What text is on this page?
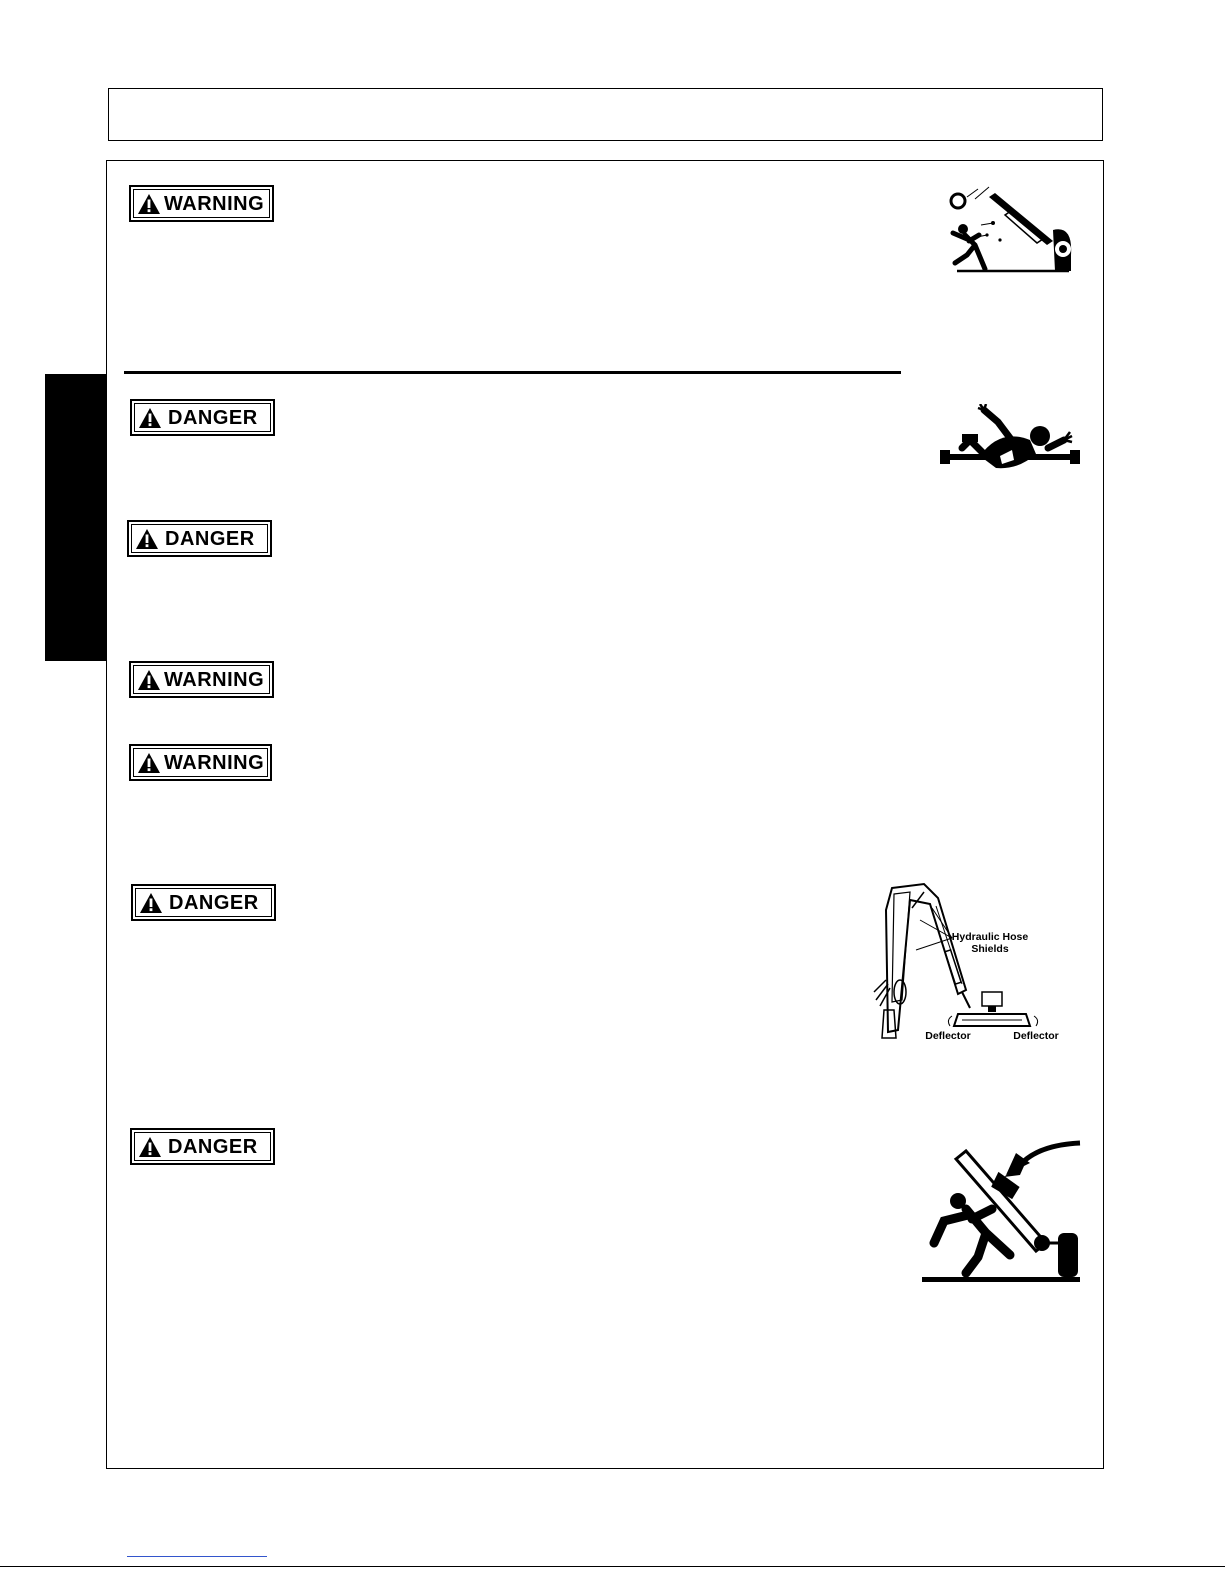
WARNING
DANGER
DANGER
WARNING
WARNING
DANGER
DANGER
Hydraulic Hose
Shields
Deflector	Deflector
